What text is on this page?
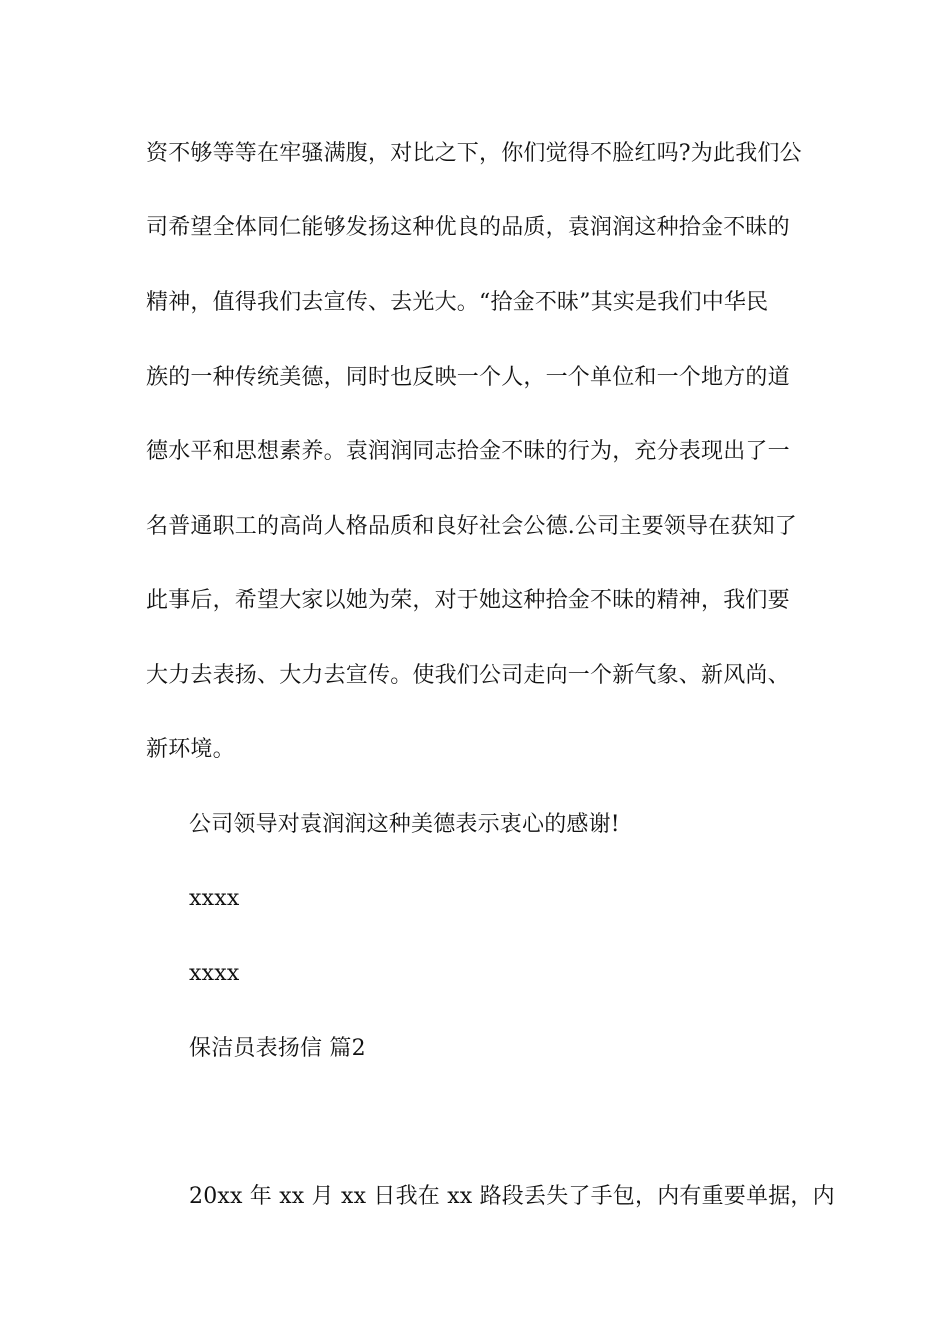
资不够等等在牢骚满腹，对比之下，你们觉得不脸红吗?为此我们公
司希望全体同仁能够发扬这种优良的品质，袁润润这种拾金不昧的
精神，值得我们去宣传、去光大。“拾金不昧”其实是我们中华民
族的一种传统美德，同时也反映一个人，一个单位和一个地方的道
德水平和思想素养。袁润润同志拾金不昧的行为，充分表现出了一
名普通职工的高尚人格品质和良好社会公德.公司主要领导在获知了
此事后，希望大家以她为荣，对于她这种拾金不昧的精神，我们要
大力去表扬、大力去宣传。使我们公司走向一个新气象、新风尚、
新环境。
公司领导对袁润润这种美德表示衷心的感谢!
xxxx
xxxx
保洁员表扬信 篇2
20xx 年 xx 月 xx 日我在 xx 路段丢失了手包，内有重要单据，内
